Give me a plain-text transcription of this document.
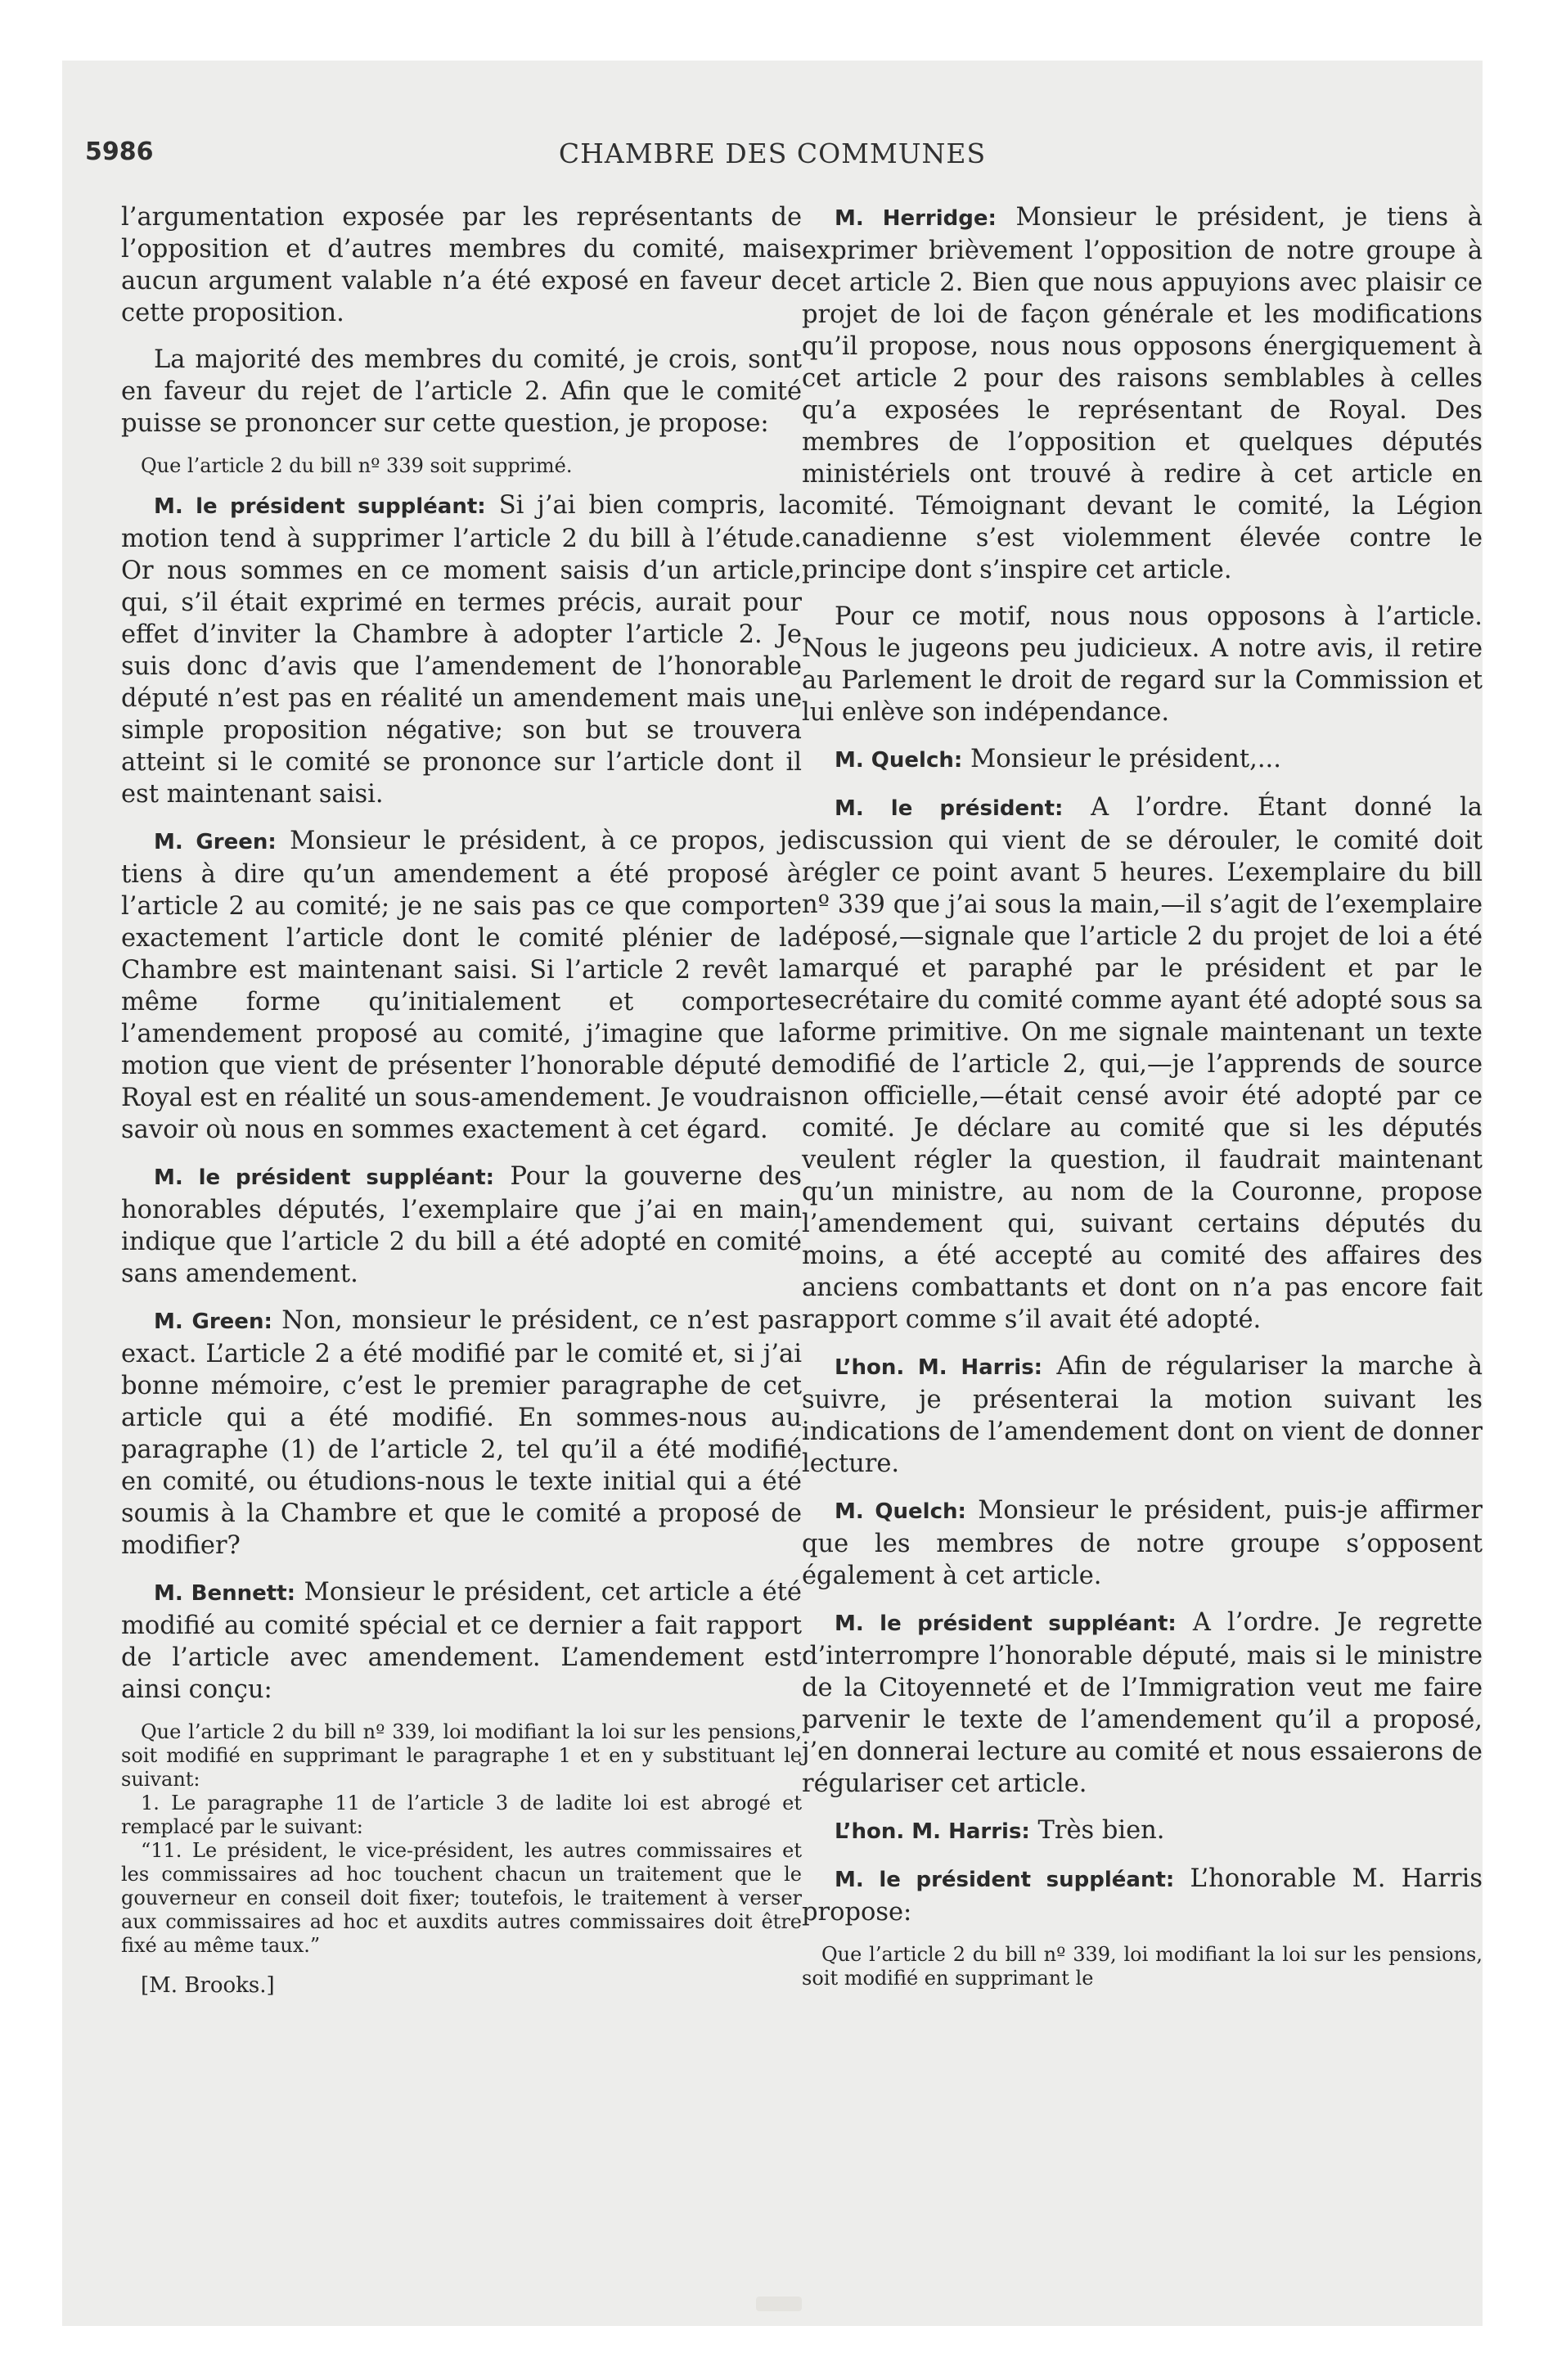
5986	CHAMBRE DES COMMUNES

l’argumentation exposée par les représentants de l’opposition et d’autres membres du comité, mais aucun argument valable n’a été exposé en faveur de cette proposition.

La majorité des membres du comité, je crois, sont en faveur du rejet de l’article 2. Afin que le comité puisse se prononcer sur cette question, je propose:

Que l’article 2 du bill nº 339 soit supprimé.

M. le président suppléant: Si j’ai bien compris, la motion tend à supprimer l’article 2 du bill à l’étude. Or nous sommes en ce moment saisis d’un article, qui, s’il était exprimé en termes précis, aurait pour effet d’inviter la Chambre à adopter l’article 2. Je suis donc d’avis que l’amendement de l’honorable député n’est pas en réalité un amendement mais une simple proposition négative; son but se trouvera atteint si le comité se prononce sur l’article dont il est maintenant saisi.

M. Green: Monsieur le président, à ce propos, je tiens à dire qu’un amendement a été proposé à l’article 2 au comité; je ne sais pas ce que comporte exactement l’article dont le comité plénier de la Chambre est maintenant saisi. Si l’article 2 revêt la même forme qu’initialement et comporte l’amendement proposé au comité, j’imagine que la motion que vient de présenter l’honorable député de Royal est en réalité un sous-amendement. Je voudrais savoir où nous en sommes exactement à cet égard.

M. le président suppléant: Pour la gouverne des honorables députés, l’exemplaire que j’ai en main indique que l’article 2 du bill a été adopté en comité sans amendement.

M. Green: Non, monsieur le président, ce n’est pas exact. L’article 2 a été modifié par le comité et, si j’ai bonne mémoire, c’est le premier paragraphe de cet article qui a été modifié. En sommes-nous au paragraphe (1) de l’article 2, tel qu’il a été modifié en comité, ou étudions-nous le texte initial qui a été soumis à la Chambre et que le comité a proposé de modifier?

M. Bennett: Monsieur le président, cet article a été modifié au comité spécial et ce dernier a fait rapport de l’article avec amendement. L’amendement est ainsi conçu:

Que l’article 2 du bill nº 339, loi modifiant la loi sur les pensions, soit modifié en supprimant le paragraphe 1 et en y substituant le suivant:
1. Le paragraphe 11 de l’article 3 de ladite loi est abrogé et remplacé par le suivant:
“11. Le président, le vice-président, les autres commissaires et les commissaires ad hoc touchent chacun un traitement que le gouverneur en conseil doit fixer; toutefois, le traitement à verser aux commissaires ad hoc et auxdits autres commissaires doit être fixé au même taux.”
[M. Brooks.]

M. Herridge: Monsieur le président, je tiens à exprimer brièvement l’opposition de notre groupe à cet article 2. Bien que nous appuyions avec plaisir ce projet de loi de façon générale et les modifications qu’il propose, nous nous opposons énergiquement à cet article 2 pour des raisons semblables à celles qu’a exposées le représentant de Royal. Des membres de l’opposition et quelques députés ministériels ont trouvé à redire à cet article en comité. Témoignant devant le comité, la Légion canadienne s’est violemment élevée contre le principe dont s’inspire cet article.

Pour ce motif, nous nous opposons à l’article. Nous le jugeons peu judicieux. A notre avis, il retire au Parlement le droit de regard sur la Commission et lui enlève son indépendance.

M. Quelch: Monsieur le président,...

M. le président: A l’ordre. Étant donné la discussion qui vient de se dérouler, le comité doit régler ce point avant 5 heures. L’exemplaire du bill nº 339 que j’ai sous la main,—il s’agit de l’exemplaire déposé,—signale que l’article 2 du projet de loi a été marqué et paraphé par le président et par le secrétaire du comité comme ayant été adopté sous sa forme primitive. On me signale maintenant un texte modifié de l’article 2, qui,—je l’apprends de source non officielle,—était censé avoir été adopté par ce comité. Je déclare au comité que si les députés veulent régler la question, il faudrait maintenant qu’un ministre, au nom de la Couronne, propose l’amendement qui, suivant certains députés du moins, a été accepté au comité des affaires des anciens combattants et dont on n’a pas encore fait rapport comme s’il avait été adopté.

L’hon. M. Harris: Afin de régulariser la marche à suivre, je présenterai la motion suivant les indications de l’amendement dont on vient de donner lecture.

M. Quelch: Monsieur le président, puis-je affirmer que les membres de notre groupe s’opposent également à cet article.

M. le président suppléant: A l’ordre. Je regrette d’interrompre l’honorable député, mais si le ministre de la Citoyenneté et de l’Immigration veut me faire parvenir le texte de l’amendement qu’il a proposé, j’en donnerai lecture au comité et nous essaierons de régulariser cet article.

L’hon. M. Harris: Très bien.

M. le président suppléant: L’honorable M. Harris propose:

Que l’article 2 du bill nº 339, loi modifiant la loi sur les pensions, soit modifié en supprimant le
